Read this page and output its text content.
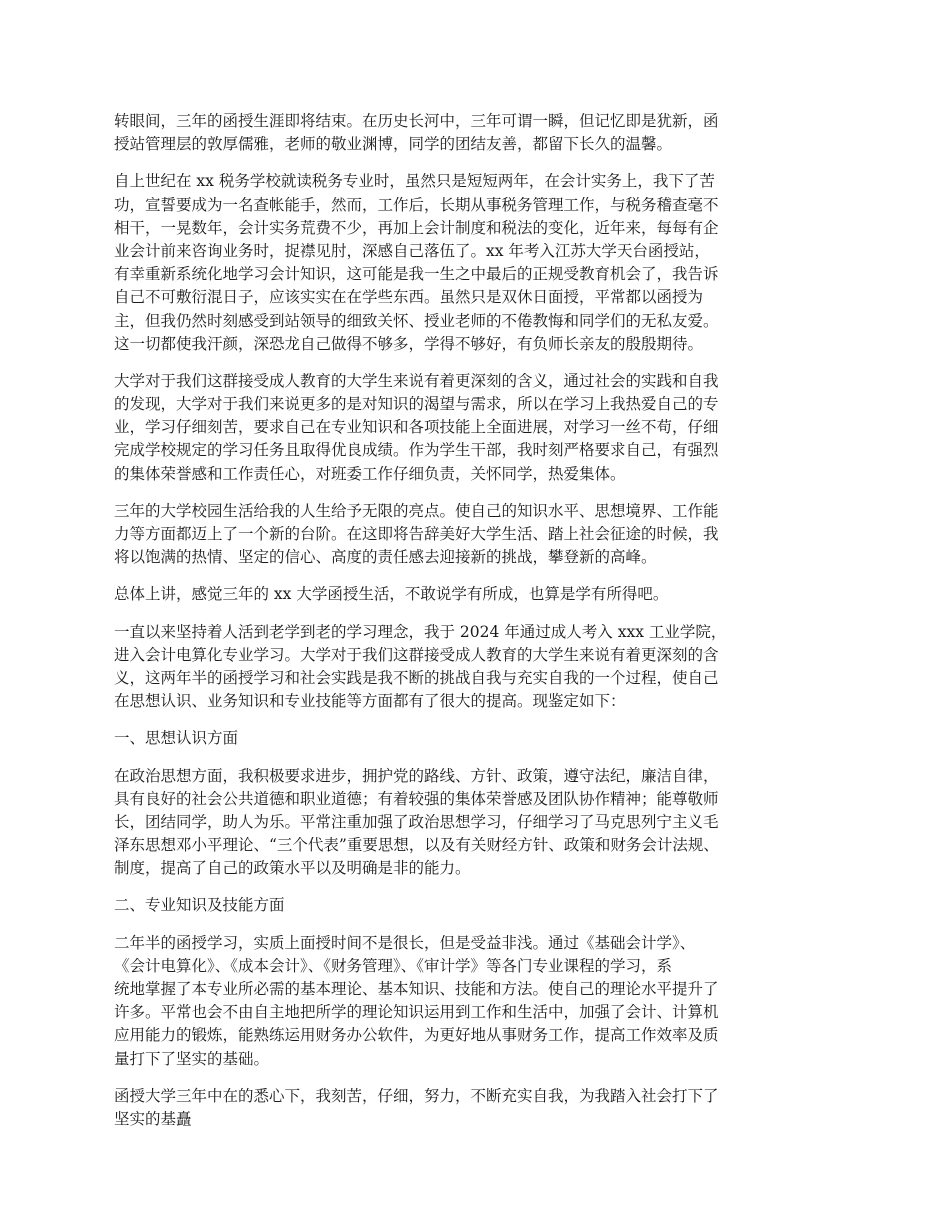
转眼间，三年的函授生涯即将结束。在历史长河中，三年可谓一瞬，但记忆即是犹新，函
授站管理层的敦厚儒雅，老师的敬业渊博，同学的团结友善，都留下长久的温馨。
自上世纪在 xx 税务学校就读税务专业时，虽然只是短短两年，在会计实务上，我下了苦
功，宣誓要成为一名查帐能手，然而，工作后，长期从事税务管理工作，与税务稽查毫不
相干，一晃数年，会计实务荒费不少，再加上会计制度和税法的变化，近年来，每每有企
业会计前来咨询业务时，捉襟见肘，深感自己落伍了。xx 年考入江苏大学天台函授站，
有幸重新系统化地学习会计知识，这可能是我一生之中最后的正规受教育机会了，我告诉
自己不可敷衍混日子，应该实实在在学些东西。虽然只是双休日面授，平常都以函授为
主，但我仍然时刻感受到站领导的细致关怀、授业老师的不倦教悔和同学们的无私友爱。
这一切都使我汗颜，深恐龙自己做得不够多，学得不够好，有负师长亲友的殷殷期待。
大学对于我们这群接受成人教育的大学生来说有着更深刻的含义，通过社会的实践和自我
的发现，大学对于我们来说更多的是对知识的渴望与需求，所以在学习上我热爱自己的专
业，学习仔细刻苦，要求自己在专业知识和各项技能上全面进展，对学习一丝不苟，仔细
完成学校规定的学习任务且取得优良成绩。作为学生干部，我时刻严格要求自己，有强烈
的集体荣誉感和工作责任心，对班委工作仔细负责，关怀同学，热爱集体。
三年的大学校园生活给我的人生给予无限的亮点。使自己的知识水平、思想境界、工作能
力等方面都迈上了一个新的台阶。在这即将告辞美好大学生活、踏上社会征途的时候，我
将以饱满的热情、坚定的信心、高度的责任感去迎接新的挑战，攀登新的高峰。
总体上讲，感觉三年的 xx 大学函授生活，不敢说学有所成，也算是学有所得吧。
一直以来坚持着人活到老学到老的学习理念，我于 2024 年通过成人考入 xxx 工业学院，
进入会计电算化专业学习。大学对于我们这群接受成人教育的大学生来说有着更深刻的含
义，这两年半的函授学习和社会实践是我不断的挑战自我与充实自我的一个过程，使自己
在思想认识、业务知识和专业技能等方面都有了很大的提高。现鉴定如下：
一、思想认识方面
在政治思想方面，我积极要求进步，拥护党的路线、方针、政策，遵守法纪，廉洁自律，
具有良好的社会公共道德和职业道德；有着较强的集体荣誉感及团队协作精神；能尊敬师
长，团结同学，助人为乐。平常注重加强了政治思想学习，仔细学习了马克思列宁主义毛
泽东思想邓小平理论、“三个代表”重要思想，以及有关财经方针、政策和财务会计法规、
制度，提高了自己的政策水平以及明确是非的能力。
二、专业知识及技能方面
二年半的函授学习，实质上面授时间不是很长，但是受益非浅。通过《基础会计学》、
《会计电算化》、《成本会计》、《财务管理》、《审计学》等各门专业课程的学习，系
统地掌握了本专业所必需的基本理论、基本知识、技能和方法。使自己的理论水平提升了
许多。平常也会不由自主地把所学的理论知识运用到工作和生活中，加强了会计、计算机
应用能力的锻炼，能熟练运用财务办公软件，为更好地从事财务工作，提高工作效率及质
量打下了坚实的基础。
函授大学三年中在的悉心下，我刻苦，仔细，努力，不断充实自我，为我踏入社会打下了
坚实的基矗
